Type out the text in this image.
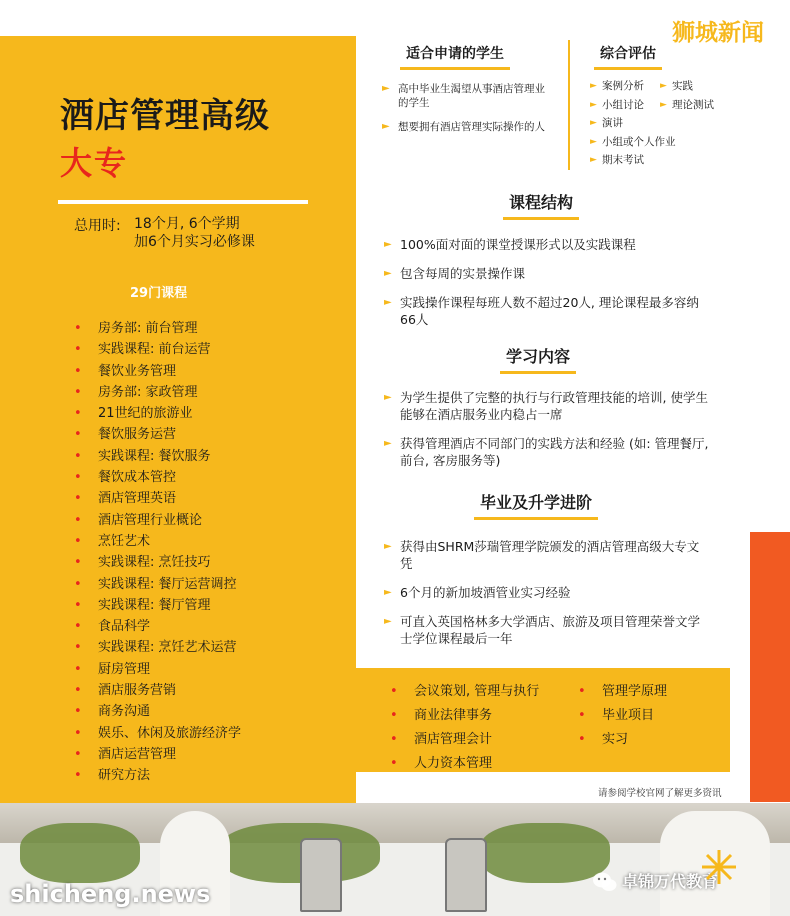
狮城新闻
酒店管理高级
大专
总用时: 18个月, 6个学期
加6个月实习必修课
29门课程
• 房务部: 前台管理
• 实践课程: 前台运营
• 餐饮业务管理
• 房务部: 家政管理
• 21世纪的旅游业
• 餐饮服务运营
• 实践课程: 餐饮服务
• 餐饮成本管控
• 酒店管理英语
• 酒店管理行业概论
• 烹饪艺术
• 实践课程: 烹饪技巧
• 实践课程: 餐厅运营调控
• 实践课程: 餐厅管理
• 食品科学
• 实践课程: 烹饪艺术运营
• 厨房管理
• 酒店服务营销
• 商务沟通
• 娱乐、休闲及旅游经济学
• 酒店运营管理
• 研究方法
适合申请的学生
► 高中毕业生渴望从事酒店管理业的学生
► 想要拥有酒店管理实际操作的人
综合评估
► 案例分析
► 小组讨论
► 演讲
► 小组或个人作业
► 期末考试
► 实践
► 理论测试
课程结构
► 100%面对面的课堂授课形式以及实践课程
► 包含每周的实景操作课
► 实践操作课程每班人数不超过20人, 理论课程最多容纳66人
学习内容
► 为学生提供了完整的执行与行政管理技能的培训, 使学生能够在酒店服务业内稳占一席
► 获得管理酒店不同部门的实践方法和经验 (如: 管理餐厅, 前台, 客房服务等)
毕业及升学进阶
► 获得由SHRM莎瑞管理学院颁发的酒店管理高级大专文凭
► 6个月的新加坡酒管业实习经验
► 可直入英国格林多大学酒店、旅游及项目管理荣誉文学士学位课程最后一年
• 会议策划, 管理与执行
• 商业法律事务
• 酒店管理会计
• 人力资本管理
• 管理学原理
• 毕业项目
• 实习
请参阅学校官网了解更多资讯
shicheng.news	卓锦万代教育
